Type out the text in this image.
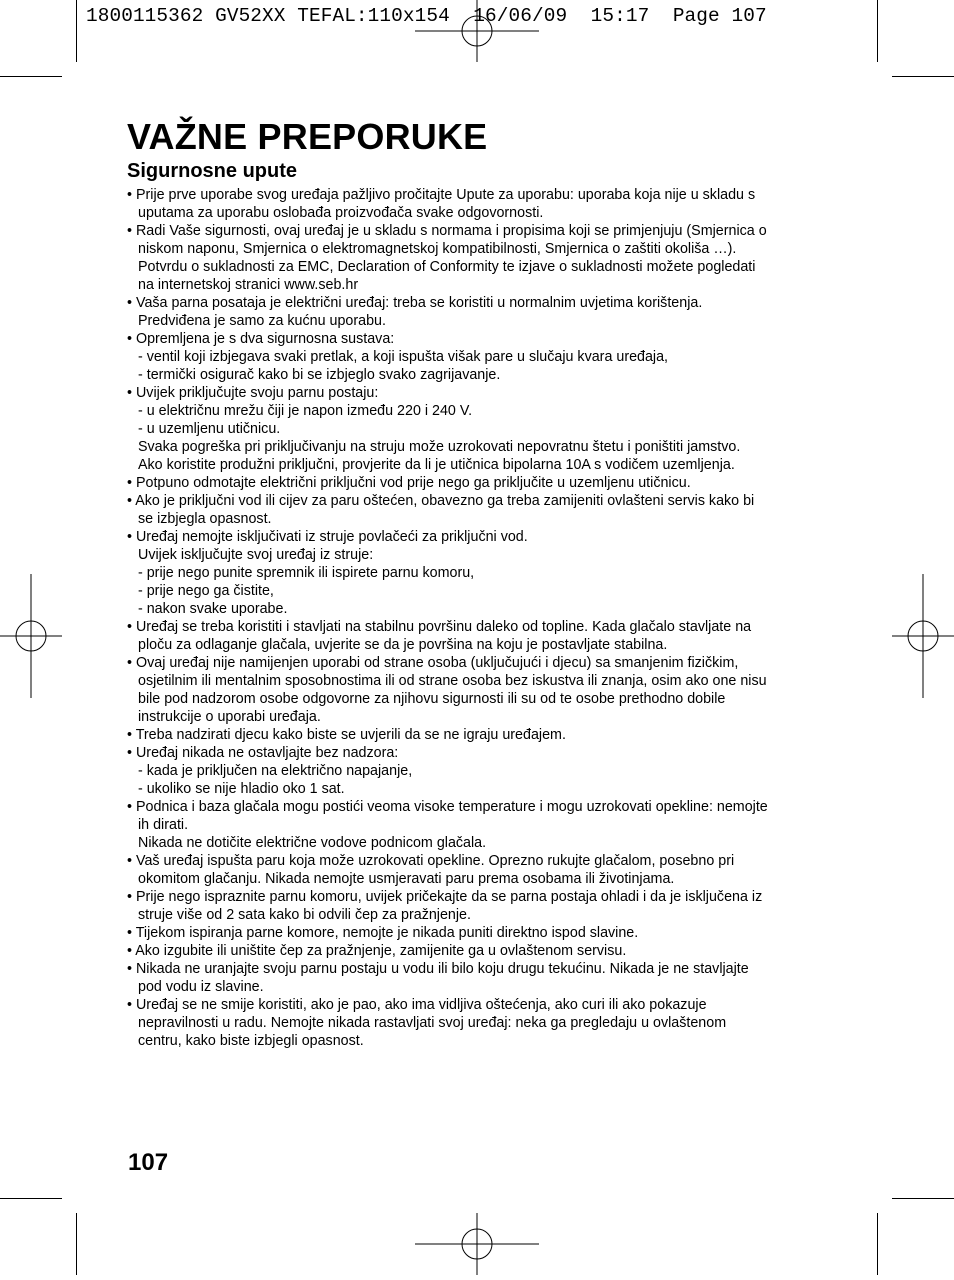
1800115362 GV52XX TEFAL:110x154  16/06/09  15:17  Page 107
VAŽNE PREPORUKE
Sigurnosne upute

• Prije prve uporabe svog uređaja pažljivo pročitajte Upute za uporabu: uporaba koja nije u skladu s

uputama za uporabu oslobađa proizvođača svake odgovornosti.

• Radi Vaše sigurnosti, ovaj uređaj je u skladu s normama i propisima koji se primjenjuju (Smjernica o

niskom naponu, Smjernica o elektromagnetskoj kompatibilnosti, Smjernica o zaštiti okoliša …).

Potvrdu o sukladnosti za EMC, Declaration of Conformity te izjave o sukladnosti možete pogledati

na internetskoj stranici www.seb.hr

• Vaša parna posataja je električni uređaj: treba se koristiti u normalnim uvjetima korištenja.

Predviđena je samo za kućnu uporabu.

• Opremljena je s dva sigurnosna sustava:

- ventil koji izbjegava svaki pretlak, a koji ispušta višak pare u slučaju kvara uređaja,

- termički osigurač kako bi se izbjeglo svako zagrijavanje.

• Uvijek priključujte svoju parnu postaju:

- u električnu mrežu čiji je napon između 220 i 240 V.

- u uzemljenu utičnicu.

Svaka pogreška pri priključivanju na struju može uzrokovati nepovratnu štetu i poništiti jamstvo.

Ako koristite produžni priključni, provjerite da li je utičnica bipolarna 10A s vodičem uzemljenja.

• Potpuno odmotajte električni priključni vod prije nego ga priključite u uzemljenu utičnicu.

• Ako je priključni vod ili cijev za paru oštećen, obavezno ga treba zamijeniti ovlašteni servis kako bi

se izbjegla opasnost.

• Uređaj nemojte isključivati iz struje povlačeći za priključni vod.

Uvijek isključujte svoj uređaj iz struje:

- prije nego punite spremnik ili ispirete parnu komoru,

- prije nego ga čistite,

- nakon svake uporabe.

• Uređaj se treba koristiti i stavljati na stabilnu površinu daleko od topline. Kada glačalo stavljate na

ploču za odlaganje glačala, uvjerite se da je površina na koju je postavljate stabilna.

• Ovaj uređaj nije namijenjen uporabi od strane osoba (uključujući i djecu) sa smanjenim fizičkim,

osjetilnim ili mentalnim sposobnostima ili od strane osoba bez iskustva ili znanja, osim ako one nisu

bile pod nadzorom osobe odgovorne za njihovu sigurnosti ili su od te osobe prethodno dobile

instrukcije o uporabi uređaja.

• Treba nadzirati djecu kako biste se uvjerili da se ne igraju uređajem.

• Uređaj nikada ne ostavljajte bez nadzora:

- kada je priključen na električno napajanje,

- ukoliko se nije hladio oko 1 sat.

• Podnica i baza glačala mogu postići veoma visoke temperature i mogu uzrokovati opekline: nemojte

ih dirati.

Nikada ne dotičite električne vodove podnicom glačala.

• Vaš uređaj ispušta paru koja može uzrokovati opekline. Oprezno rukujte glačalom, posebno pri

okomitom glačanju. Nikada nemojte usmjeravati paru prema osobama ili životinjama.

• Prije nego ispraznite parnu komoru, uvijek pričekajte da se parna postaja ohladi i da je isključena iz

struje više od 2 sata kako bi odvili čep za pražnjenje.

• Tijekom ispiranja parne komore, nemojte je nikada puniti direktno ispod slavine.

• Ako izgubite ili uništite čep za pražnjenje, zamijenite ga u ovlaštenom servisu.

• Nikada ne uranjajte svoju parnu postaju u vodu ili bilo koju drugu tekućinu. Nikada je ne stavljajte

pod vodu iz slavine.

• Uređaj se ne smije koristiti, ako je pao, ako ima vidljiva oštećenja, ako curi ili ako pokazuje

nepravilnosti u radu. Nemojte nikada rastavljati svoj uređaj: neka ga pregledaju u ovlaštenom

centru, kako biste izbjegli opasnost.

107
